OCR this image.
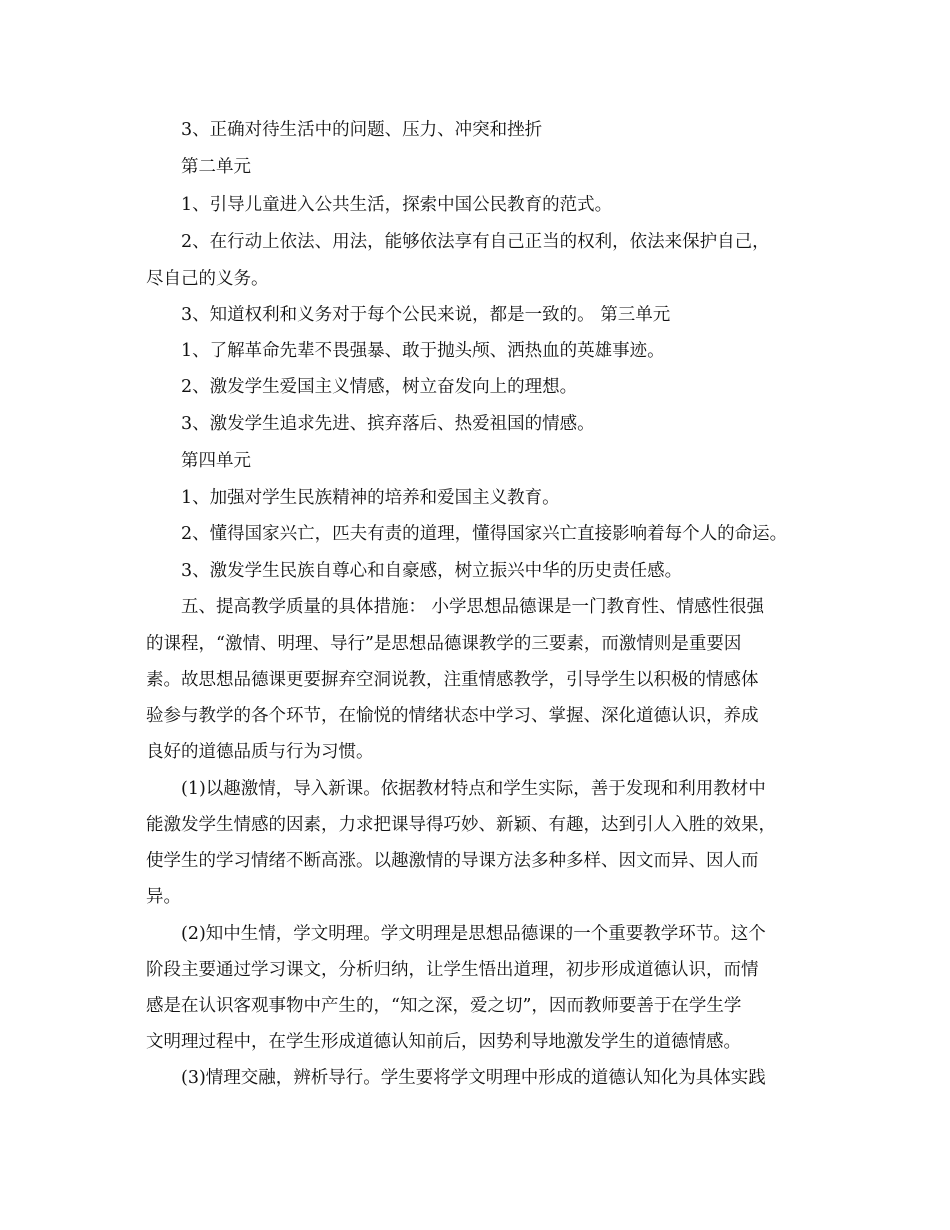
3、正确对待生活中的问题、压力、冲突和挫折
第二单元
1、引导儿童进入公共生活，探索中国公民教育的范式。
2、在行动上依法、用法，能够依法享有自己正当的权利，依法来保护自己，
尽自己的义务。
3、知道权利和义务对于每个公民来说，都是一致的。 第三单元
1、了解革命先辈不畏强暴、敢于抛头颅、洒热血的英雄事迹。
2、激发学生爱国主义情感，树立奋发向上的理想。
3、激发学生追求先进、摈弃落后、热爱祖国的情感。
第四单元
1、加强对学生民族精神的培养和爱国主义教育。
2、懂得国家兴亡，匹夫有责的道理，懂得国家兴亡直接影响着每个人的命运。
3、激发学生民族自尊心和自豪感，树立振兴中华的历史责任感。
五、提高教学质量的具体措施： 小学思想品德课是一门教育性、情感性很强
的课程，“激情、明理、导行”是思想品德课教学的三要素，而激情则是重要因
素。故思想品德课更要摒弃空洞说教，注重情感教学，引导学生以积极的情感体
验参与教学的各个环节，在愉悦的情绪状态中学习、掌握、深化道德认识，养成
良好的道德品质与行为习惯。
(1)以趣激情，导入新课。依据教材特点和学生实际，善于发现和利用教材中
能激发学生情感的因素，力求把课导得巧妙、新颖、有趣，达到引人入胜的效果，
使学生的学习情绪不断高涨。以趣激情的导课方法多种多样、因文而异、因人而
异。
(2)知中生情，学文明理。学文明理是思想品德课的一个重要教学环节。这个
阶段主要通过学习课文，分析归纳，让学生悟出道理，初步形成道德认识，而情
感是在认识客观事物中产生的，“知之深，爱之切”，因而教师要善于在学生学
文明理过程中，在学生形成道德认知前后，因势利导地激发学生的道德情感。
(3)情理交融，辨析导行。学生要将学文明理中形成的道德认知化为具体实践
